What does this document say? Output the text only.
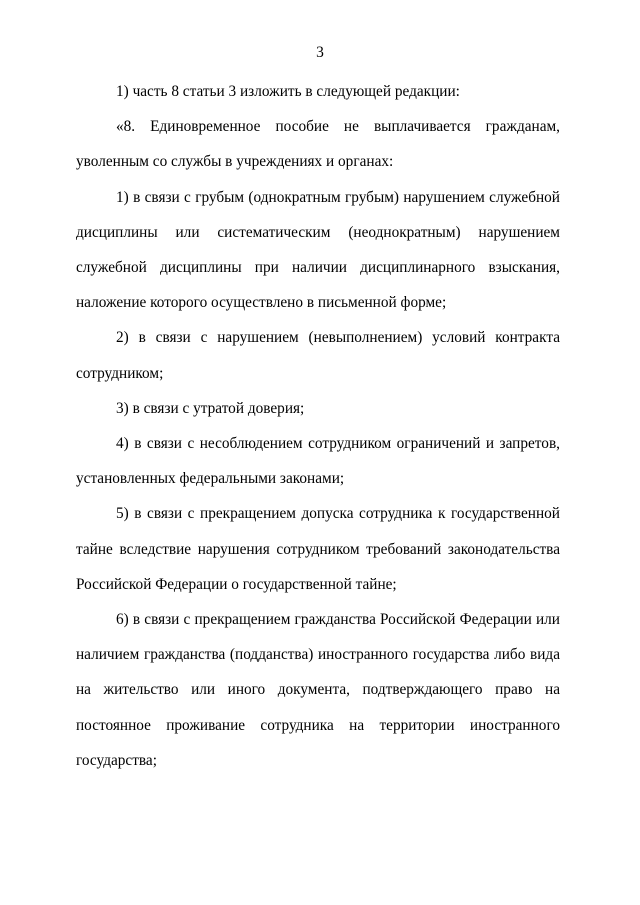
3

1) часть 8 статьи 3 изложить в следующей редакции:

«8. Единовременное пособие не выплачивается гражданам, уволенным со службы в учреждениях и органах:

1) в связи с грубым (однократным грубым) нарушением служебной дисциплины или систематическим (неоднократным) нарушением служебной дисциплины при наличии дисциплинарного взыскания, наложение которого осуществлено в письменной форме;

2) в связи с нарушением (невыполнением) условий контракта сотрудником;

3) в связи с утратой доверия;

4) в связи с несоблюдением сотрудником ограничений и запретов, установленных федеральными законами;

5) в связи с прекращением допуска сотрудника к государственной тайне вследствие нарушения сотрудником требований законодательства Российской Федерации о государственной тайне;

6) в связи с прекращением гражданства Российской Федерации или наличием гражданства (подданства) иностранного государства либо вида на жительство или иного документа, подтверждающего право на постоянное проживание сотрудника на территории иностранного государства;
